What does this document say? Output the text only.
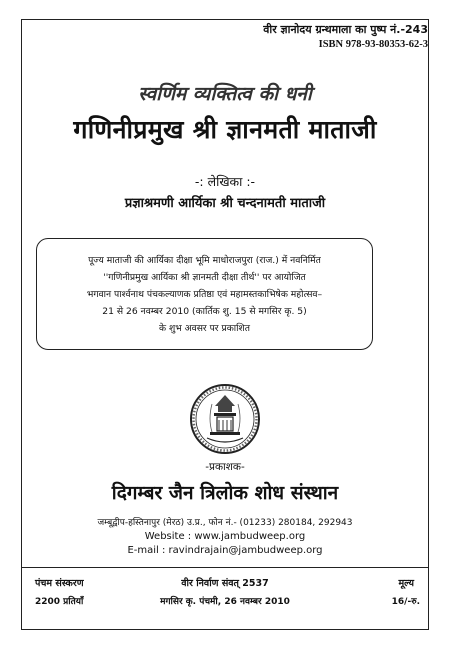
वीर ज्ञानोदय ग्रन्थमाला का पुष्प नं.-243
ISBN 978-93-80353-62-3
स्वर्णिम व्यक्तित्व की धनी
गणिनीप्रमुख श्री ज्ञानमती माताजी
-: लेखिका :-
प्रज्ञाश्रमणी आर्यिका श्री चन्दनामती माताजी
पूज्य माताजी की आर्यिका दीक्षा भूमि माधोराजपुरा (राज.) में नवनिर्मित
''गणिनीप्रमुख आर्यिका श्री ज्ञानमती दीक्षा तीर्थ'' पर आयोजित
भगवान पार्श्वनाथ पंचकल्याणक प्रतिष्ठा एवं महामस्तकाभिषेक महोत्सव–
21 से 26 नवम्बर 2010 (कार्तिक शु. 15 से मगसिर कृ. 5)
के शुभ अवसर पर प्रकाशित
-प्रकाशक-
दिगम्बर जैन त्रिलोक शोध संस्थान
जम्बूद्वीप-हस्तिनापुर (मेरठ) उ.प्र., फोन नं.- (01233) 280184, 292943
Website : www.jambudweep.org
E-mail : ravindrajain@jambudweep.org
पंचम संस्करण
2200 प्रतियाँ
वीर निर्वाण संवत् 2537
मगसिर कृ. पंचमी, 26 नवम्बर 2010
मूल्य
16/-रु.
